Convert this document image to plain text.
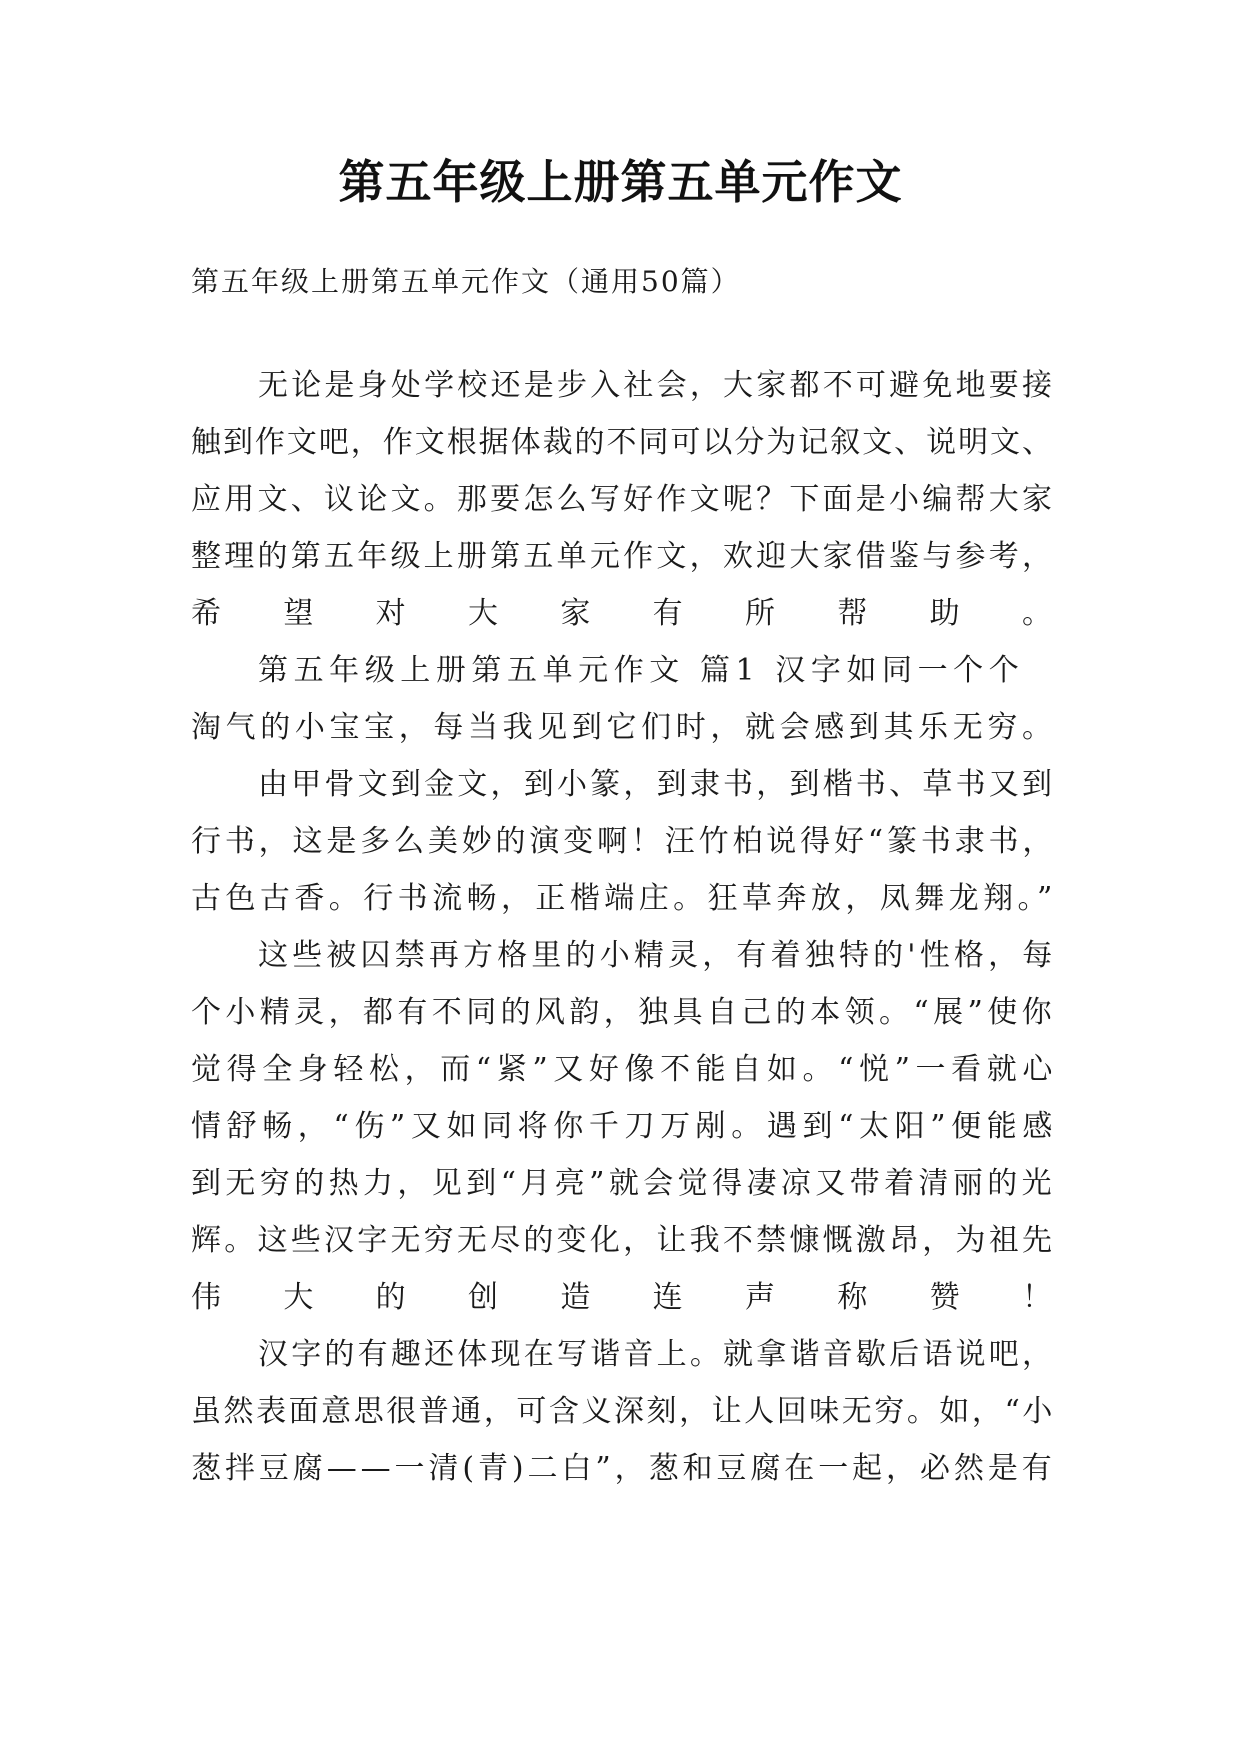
第五年级上册第五单元作文
第五年级上册第五单元作文（通用50篇）
无论是身处学校还是步入社会，大家都不可避免地要接
触到作文吧，作文根据体裁的不同可以分为记叙文、说明文、
应用文、议论文。那要怎么写好作文呢？下面是小编帮大家
整理的第五年级上册第五单元作文，欢迎大家借鉴与参考，
希望对大家有所帮助。
第五年级上册第五单元作文 篇1 汉字如同一个个
淘气的小宝宝，每当我见到它们时，就会感到其乐无穷。
由甲骨文到金文，到小篆，到隶书，到楷书、草书又到
行书，这是多么美妙的演变啊！汪竹柏说得好“篆书隶书，
古色古香。行书流畅，正楷端庄。狂草奔放，凤舞龙翔。”
这些被囚禁再方格里的小精灵，有着独特的'性格，每
个小精灵，都有不同的风韵，独具自己的本领。“展”使你
觉得全身轻松，而“紧”又好像不能自如。“悦”一看就心
情舒畅，“伤”又如同将你千刀万剐。遇到“太阳”便能感
到无穷的热力，见到“月亮”就会觉得凄凉又带着清丽的光
辉。这些汉字无穷无尽的变化，让我不禁慷慨激昂，为祖先
伟大的创造连声称赞！
汉字的有趣还体现在写谐音上。就拿谐音歇后语说吧，
虽然表面意思很普通，可含义深刻，让人回味无穷。如，“小
葱拌豆腐——一清(青)二白”，葱和豆腐在一起，必然是有
